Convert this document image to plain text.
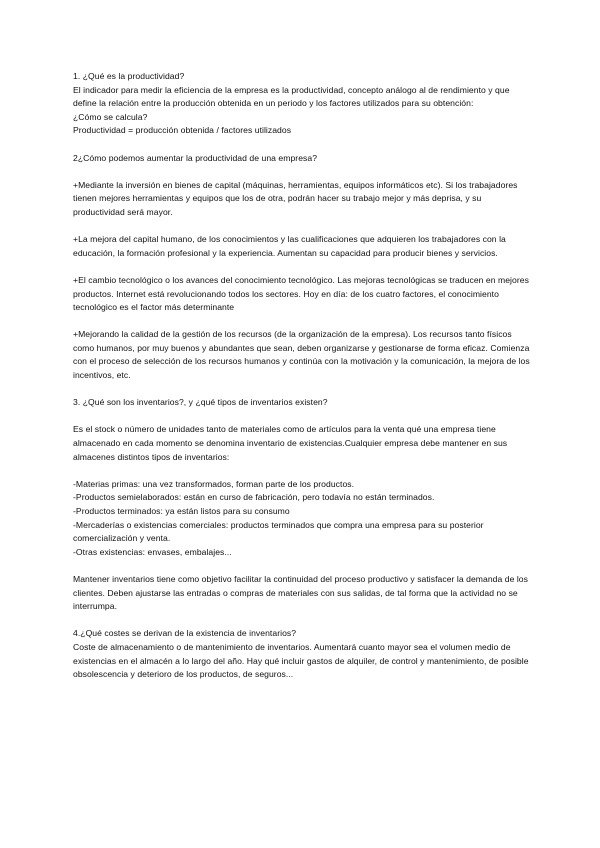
1. ¿Qué es la productividad?

El indicador para medir la eficiencia de la empresa es la productividad, concepto análogo al de rendimiento y que define la relación entre la producción obtenida en un periodo y los factores utilizados para su obtención:

¿Cómo se calcula?

Productividad = producción obtenida / factores utilizados

2¿Cómo podemos aumentar la productividad de una empresa?

+Mediante la inversión en bienes de capital (máquinas, herramientas, equipos informáticos etc). Si los trabajadores tienen mejores herramientas y equipos que los de otra, podrán hacer su trabajo mejor y más deprisa, y su productividad será mayor.

+La mejora del capital humano, de los conocimientos y las cualificaciones que adquieren los trabajadores con la educación, la formación profesional y la experiencia. Aumentan su capacidad para producir bienes y servicios.

+El cambio tecnológico o los avances del conocimiento tecnológico. Las mejoras tecnológicas se traducen en mejores productos. Internet está revolucionando todos los sectores. Hoy en día: de los cuatro factores, el conocimiento tecnológico es el factor más determinante

+Mejorando la calidad de la gestión de los recursos (de la organización de la empresa). Los recursos tanto físicos como humanos, por muy buenos y abundantes que sean, deben organizarse y gestionarse de forma eficaz. Comienza con el proceso de selección de los recursos humanos y continúa con la motivación y la comunicación, la mejora de los incentivos, etc.

3. ¿Qué son los inventarios?, y ¿qué tipos de inventarios existen?

Es el stock o número de unidades tanto de materiales como de artículos para la venta qué una empresa tiene almacenado en cada momento se denomina inventario de existencias.Cualquier empresa debe mantener en sus almacenes distintos tipos de inventarios:

-Materias primas: una vez transformados, forman parte de los productos.

-Productos semielaborados: están en curso de fabricación, pero todavía no están terminados.

-Productos terminados: ya están listos para su consumo

-Mercaderías o existencias comerciales: productos terminados que compra una empresa para su posterior comercialización y venta.

-Otras existencias: envases, embalajes...

Mantener inventarios tiene como objetivo facilitar la continuidad del proceso productivo y satisfacer la demanda de los clientes. Deben ajustarse las entradas o compras de materiales con sus salidas, de tal forma que la actividad no se interrumpa.

4.¿Qué costes se derivan de la existencia de inventarios?

Coste de almacenamiento o de mantenimiento de inventarios. Aumentará cuanto mayor sea el volumen medio de existencias en el almacén a lo largo del año. Hay qué incluir gastos de alquiler, de control y mantenimiento, de posible obsolescencia y deterioro de los productos, de seguros...
